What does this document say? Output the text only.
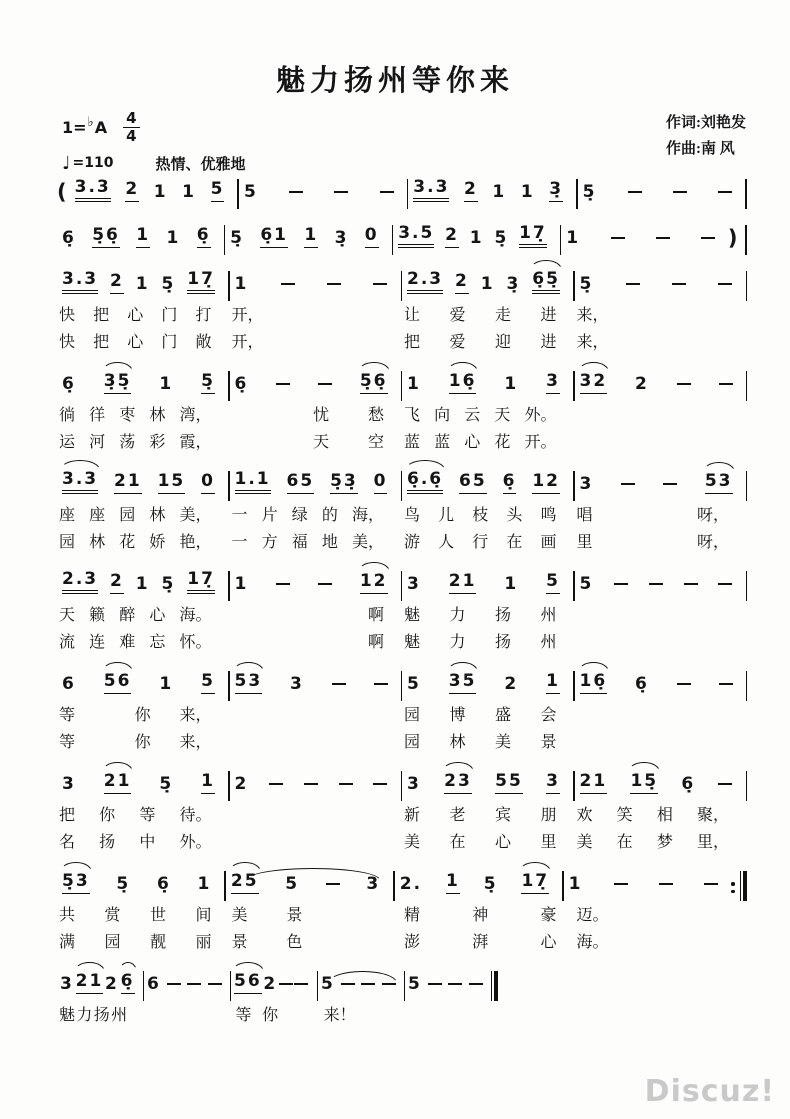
魅力扬州等你来
作词:刘艳发
作曲:南 风
1= ♭ A $\frac{4}{4}$
♩ =110	热情、优雅地
( 3.3 2 1 1 5 5	3.3 2 1 1 3̣ 5̣
6̣ 5̣6̣ 1 1 6̣ 5̣ 6̣1 1 3̣ 0 3.5 2 1 5̣ 17̣ 1	)
3.3 2 1 5̣ 17̣ 1	2.3 2 1 3̣ 6̣5̣ 5̣
快 把 心 门 打 开，	让 爱 走 进 来，
快 把 心 门 敞 开，	把 爱 迎 进 来，
6̣ 3̣5̣ 1 5̣ 6̣	5̣6̣ 1 16̣ 1 3 32 2
徜 徉 枣 林 湾，	忧 愁 飞 向 云 天 外。
运 河 荡 彩 霞，	天 空 蓝 蓝 心 花 开。
3.3 21 15 0 1.1 65 5̣3̣ 0 6̣.6̣ 65 6̣ 12 3	53
座 座 园 林 美， 一 片 绿 的 海， 鸟 儿 枝 头 鸣 唱	呀，
园 林 花 娇 艳， 一 方 福 地 美， 游 人 行 在 画 里	呀，
2.3 2 1 5̣ 17̣ 1	12 3 21 1 5 5
天 籁 醉 心 海。	啊 魅 力 扬 州
流 连 难 忘 怀。	啊 魅 力 扬 州
6 56 1 5 53 3	5 35 2 1 16̣ 6̣
等	你 来，	园 博 盛 会
等	你 来，	园 林 美 景
3 21 5̣ 1 2	3 23 55 3 21 15̣ 6̣
把 你 等 待。	新 老 宾 朋 欢 笑 相 聚，
名 扬 中 外。	美 在 心 里 美 在 梦 里，
5̣3 5̣ 6̣ 1 25 5	3 2. 1 5̣ 17̣ 1
共 赏 世 间 美 景	精	神	豪 迈。
满 园 靓 丽 景 色	澎	湃	心 海。
3 21 2 6̣ 6	56 2	5	5
魅 力 扬 州	等 你	来！
Discuz!
